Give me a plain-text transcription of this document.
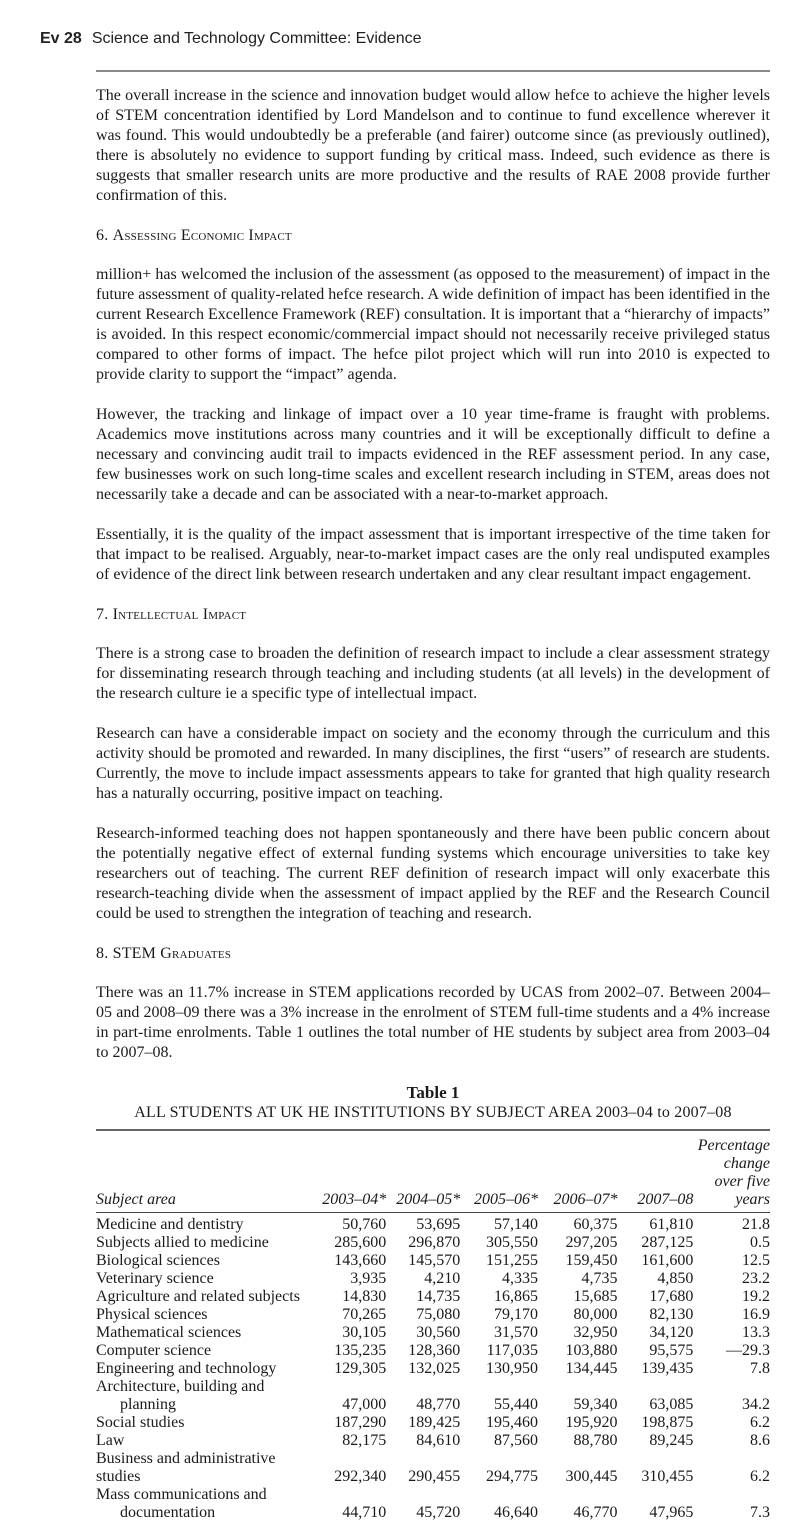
Ev 28 Science and Technology Committee: Evidence

The overall increase in the science and innovation budget would allow hefce to achieve the higher levels of STEM concentration identified by Lord Mandelson and to continue to fund excellence wherever it was found. This would undoubtedly be a preferable (and fairer) outcome since (as previously outlined), there is absolutely no evidence to support funding by critical mass. Indeed, such evidence as there is suggests that smaller research units are more productive and the results of RAE 2008 provide further confirmation of this.

6. Assessing Economic Impact

million+ has welcomed the inclusion of the assessment (as opposed to the measurement) of impact in the future assessment of quality-related hefce research. A wide definition of impact has been identified in the current Research Excellence Framework (REF) consultation. It is important that a “hierarchy of impacts” is avoided. In this respect economic/commercial impact should not necessarily receive privileged status compared to other forms of impact. The hefce pilot project which will run into 2010 is expected to provide clarity to support the “impact” agenda.

However, the tracking and linkage of impact over a 10 year time-frame is fraught with problems. Academics move institutions across many countries and it will be exceptionally difficult to define a necessary and convincing audit trail to impacts evidenced in the REF assessment period. In any case, few businesses work on such long-time scales and excellent research including in STEM, areas does not necessarily take a decade and can be associated with a near-to-market approach.

Essentially, it is the quality of the impact assessment that is important irrespective of the time taken for that impact to be realised. Arguably, near-to-market impact cases are the only real undisputed examples of evidence of the direct link between research undertaken and any clear resultant impact engagement.

7. Intellectual Impact

There is a strong case to broaden the definition of research impact to include a clear assessment strategy for disseminating research through teaching and including students (at all levels) in the development of the research culture ie a specific type of intellectual impact.

Research can have a considerable impact on society and the economy through the curriculum and this activity should be promoted and rewarded. In many disciplines, the first “users” of research are students. Currently, the move to include impact assessments appears to take for granted that high quality research has a naturally occurring, positive impact on teaching.

Research-informed teaching does not happen spontaneously and there have been public concern about the potentially negative effect of external funding systems which encourage universities to take key researchers out of teaching. The current REF definition of research impact will only exacerbate this research-teaching divide when the assessment of impact applied by the REF and the Research Council could be used to strengthen the integration of teaching and research.

8. STEM Graduates

There was an 11.7% increase in STEM applications recorded by UCAS from 2002–07. Between 2004–05 and 2008–09 there was a 3% increase in the enrolment of STEM full-time students and a 4% increase in part-time enrolments. Table 1 outlines the total number of HE students by subject area from 2003–04 to 2007–08.

Table 1
ALL STUDENTS AT UK HE INSTITUTIONS BY SUBJECT AREA 2003–04 to 2007–08
Subject area	2003–04*	2004–05*	2005–06*	2006–07*	2007–08	Percentage change over five years

Medicine and dentistry	50,760	53,695	57,140	60,375	61,810	21.8

Subjects allied to medicine	285,600	296,870	305,550	297,205	287,125	0.5

Biological sciences	143,660	145,570	151,255	159,450	161,600	12.5

Veterinary science	3,935	4,210	4,335	4,735	4,850	23.2

Agriculture and related subjects	14,830	14,735	16,865	15,685	17,680	19.2

Physical sciences	70,265	75,080	79,170	80,000	82,130	16.9

Mathematical sciences	30,105	30,560	31,570	32,950	34,120	13.3

Computer science	135,235	128,360	117,035	103,880	95,575	—29.3

Engineering and technology	129,305	132,025	130,950	134,445	139,435	7.8

Architecture, building and
planning	47,000	48,770	55,440	59,340	63,085	34.2

Social studies	187,290	189,425	195,460	195,920	198,875	6.2

Law	82,175	84,610	87,560	88,780	89,245	8.6

Business and administrative studies	292,340	290,455	294,775	300,445	310,455	6.2

Mass communications and
documentation	44,710	45,720	46,640	46,770	47,965	7.3
